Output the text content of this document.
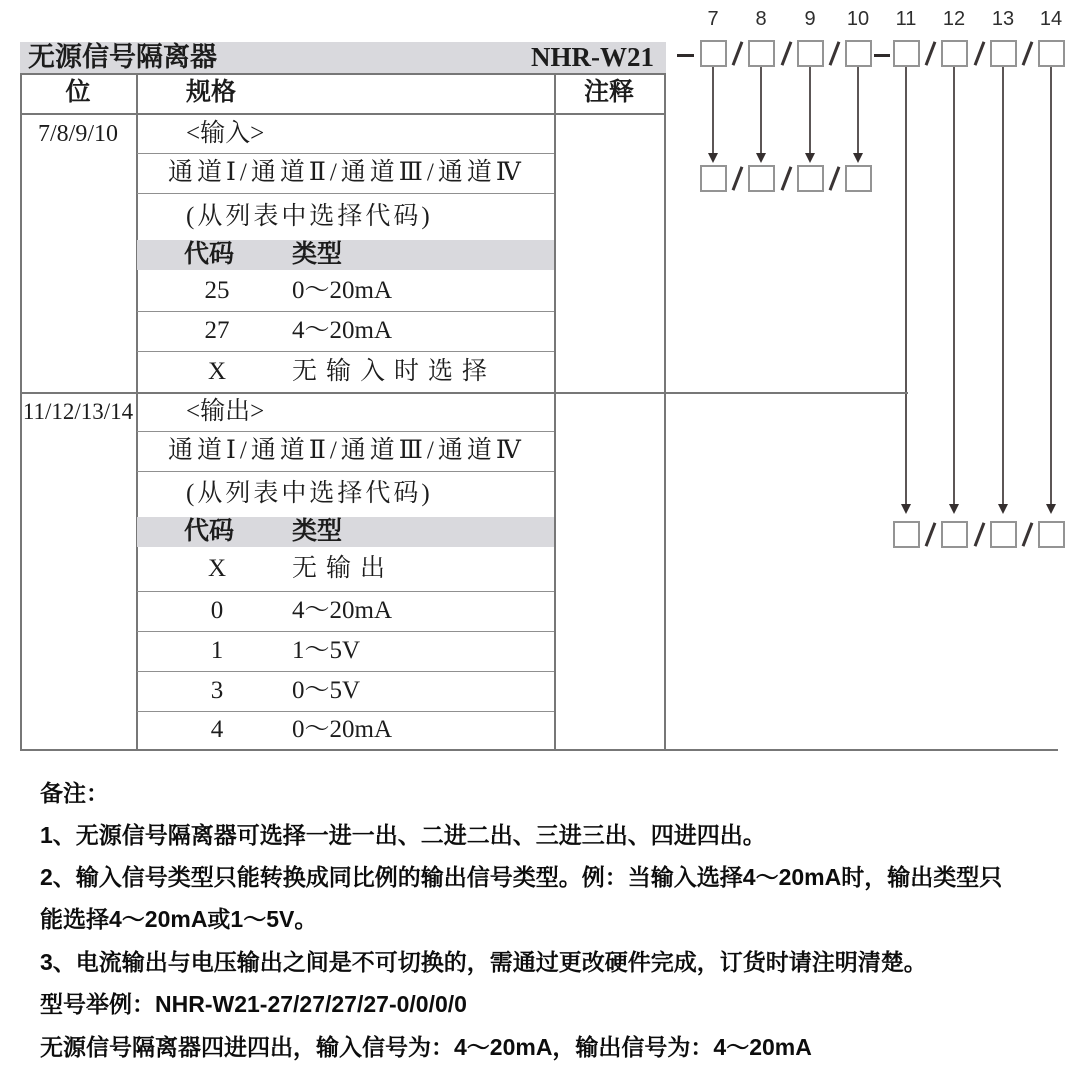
无源信号隔离器	NHR-W21
7	8	9	10	11	12	13	14
位	规格	注释
7/8/9/10	<输入>
通道Ⅰ/通道Ⅱ/通道Ⅲ/通道Ⅳ
(从列表中选择代码)
代码 类型
25	0～20mA
27	4～20mA
X	无输入时选择
11/12/13/14 <输出>
通道Ⅰ/通道Ⅱ/通道Ⅲ/通道Ⅳ
(从列表中选择代码)
代码 类型
X	无输出
0	4～20mA
1	1～5V
3	0～5V
4	0～20mA
备注：
1、无源信号隔离器可选择一进一出、二进二出、三进三出、四进四出。
2、输入信号类型只能转换成同比例的输出信号类型。例：当输入选择4～20mA时，输出类型只
能选择4～20mA或1～5V。
3、电流输出与电压输出之间是不可切换的，需通过更改硬件完成，订货时请注明清楚。
型号举例：NHR-W21-27/27/27/27-0/0/0/0
无源信号隔离器四进四出，输入信号为：4～20mA，输出信号为：4～20mA
